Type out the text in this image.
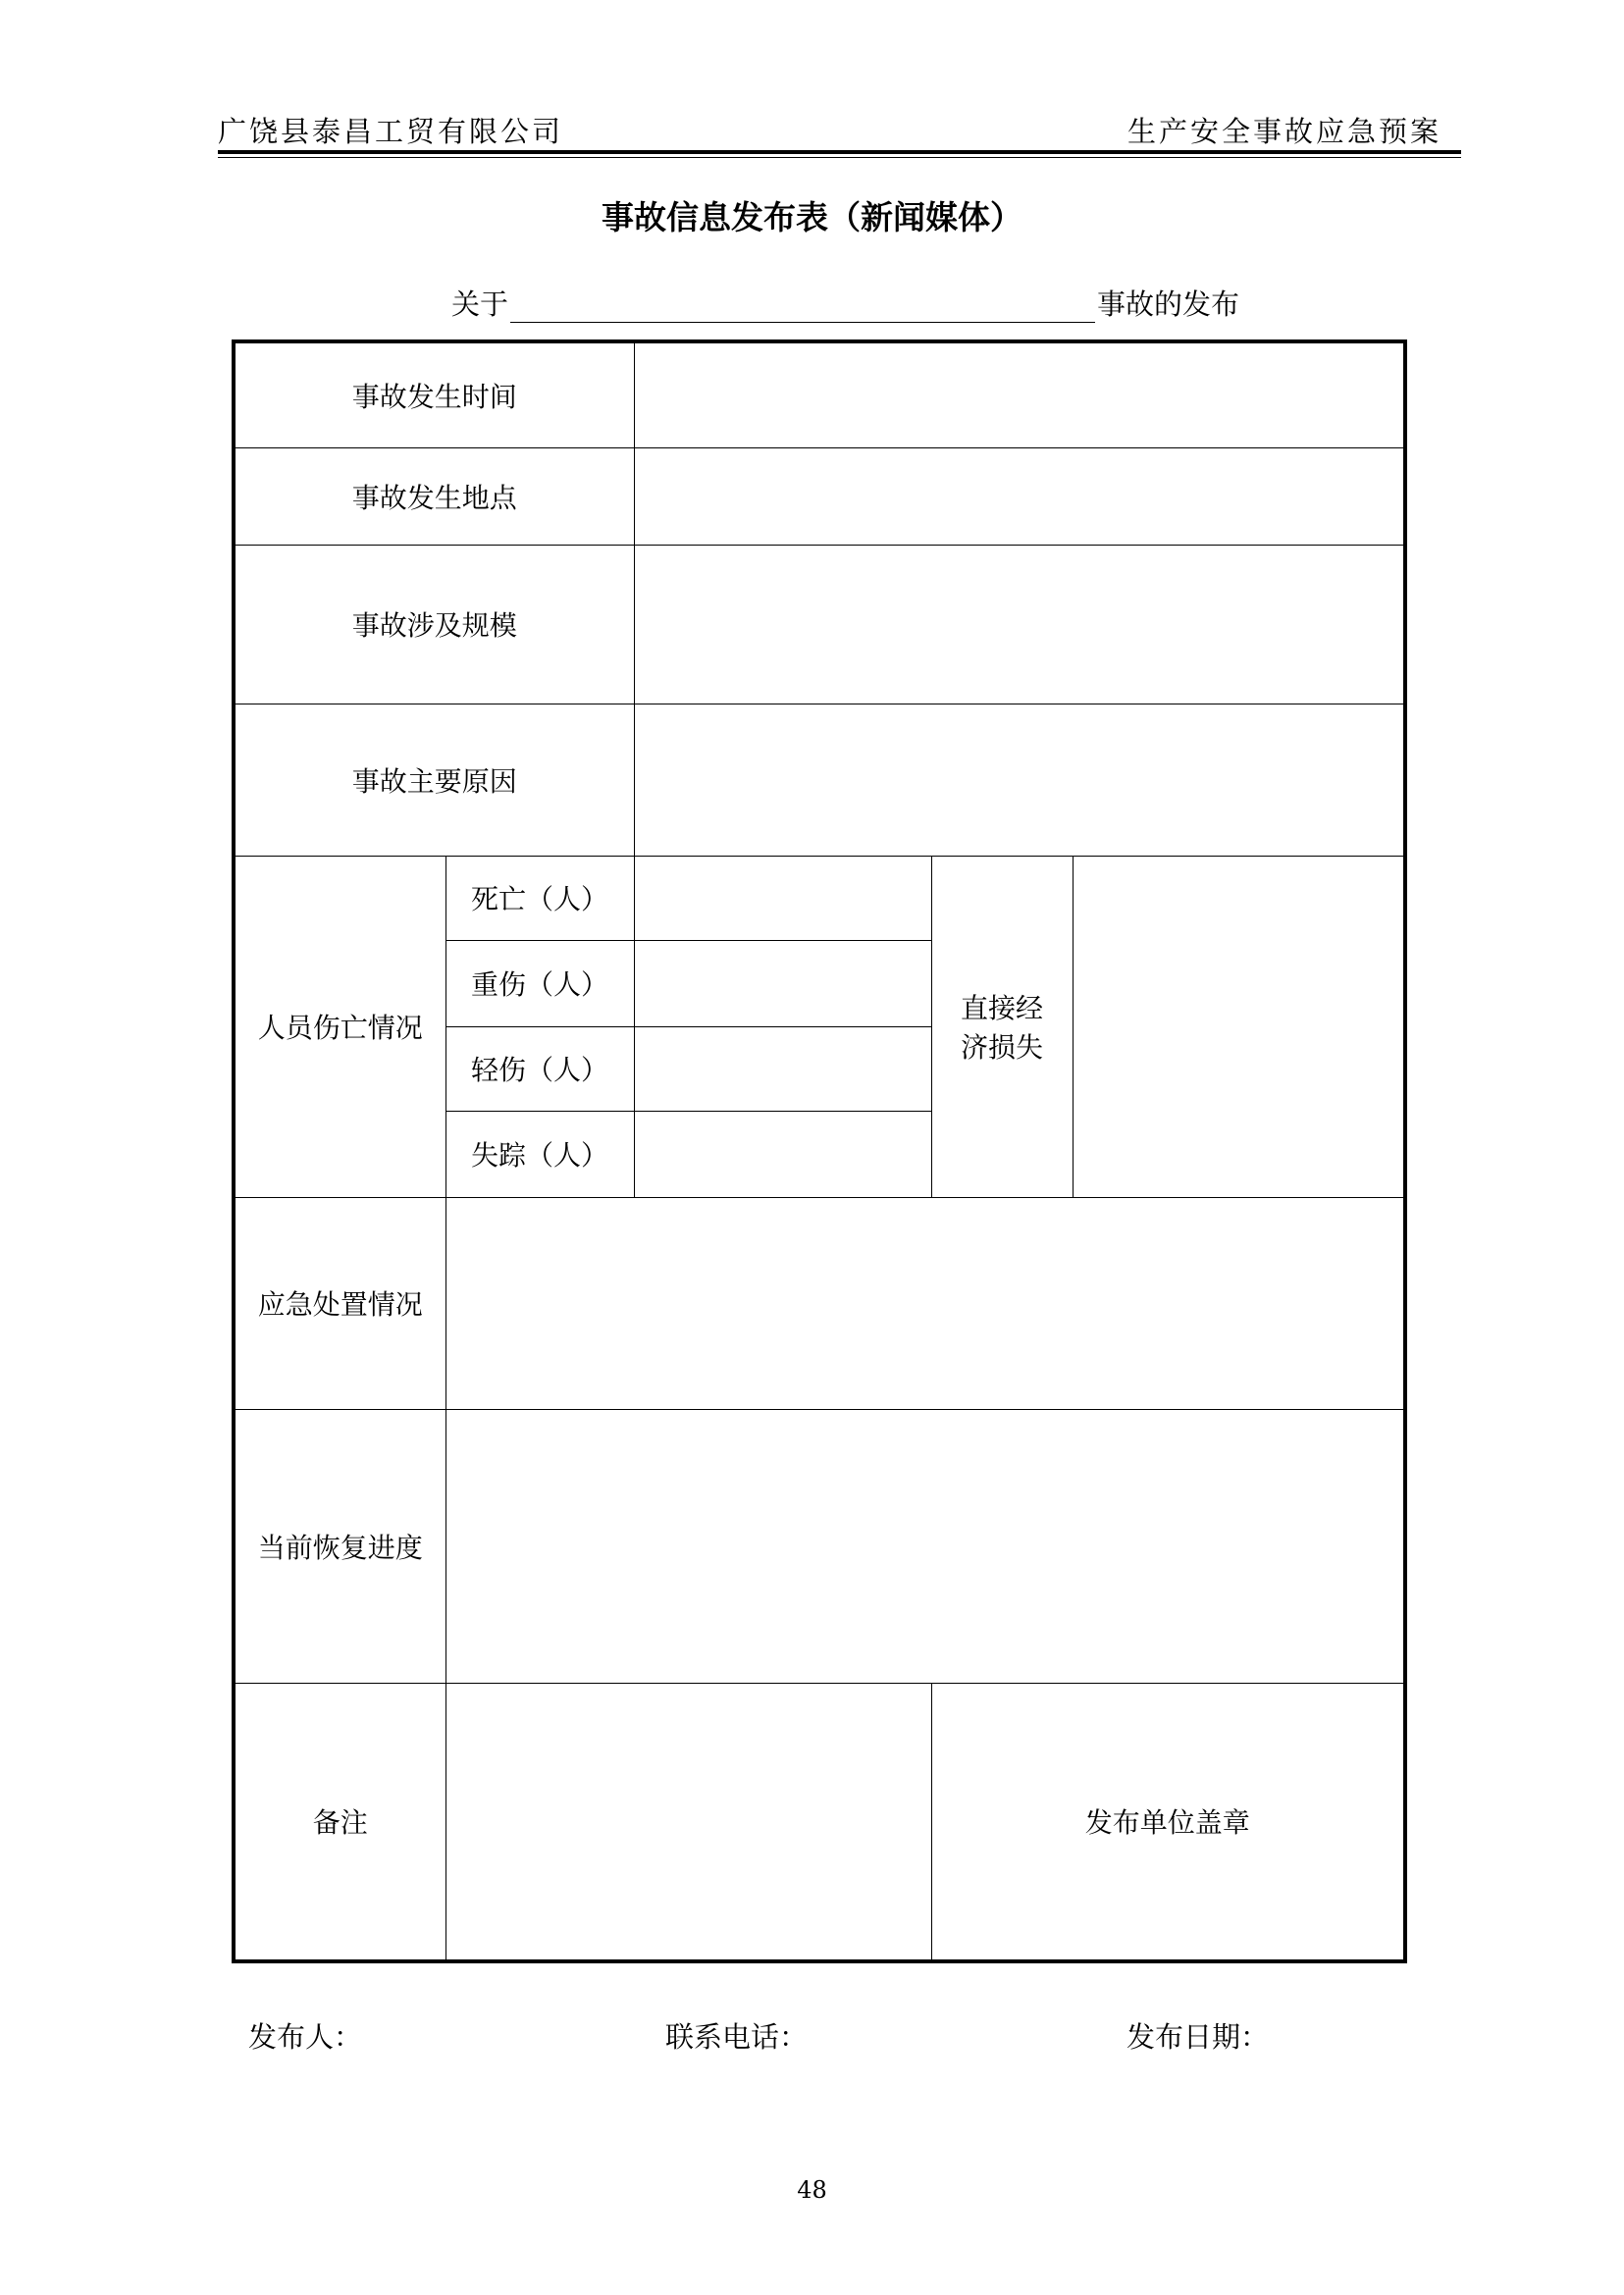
广饶县泰昌工贸有限公司	生产安全事故应急预案
事故信息发布表（新闻媒体）
关于	事故的发布
事故发生时间				
事故发生地点				
事故涉及规模				
事故主要原因				
人员伤亡情况	死亡（人）		直接经
济损失	

	重伤（人）			
	轻伤（人）			
	失踪（人）			
应急处置情况				
当前恢复进度				
备注			发布单位盖章	
发布人：	联系电话：	发布日期：
48
